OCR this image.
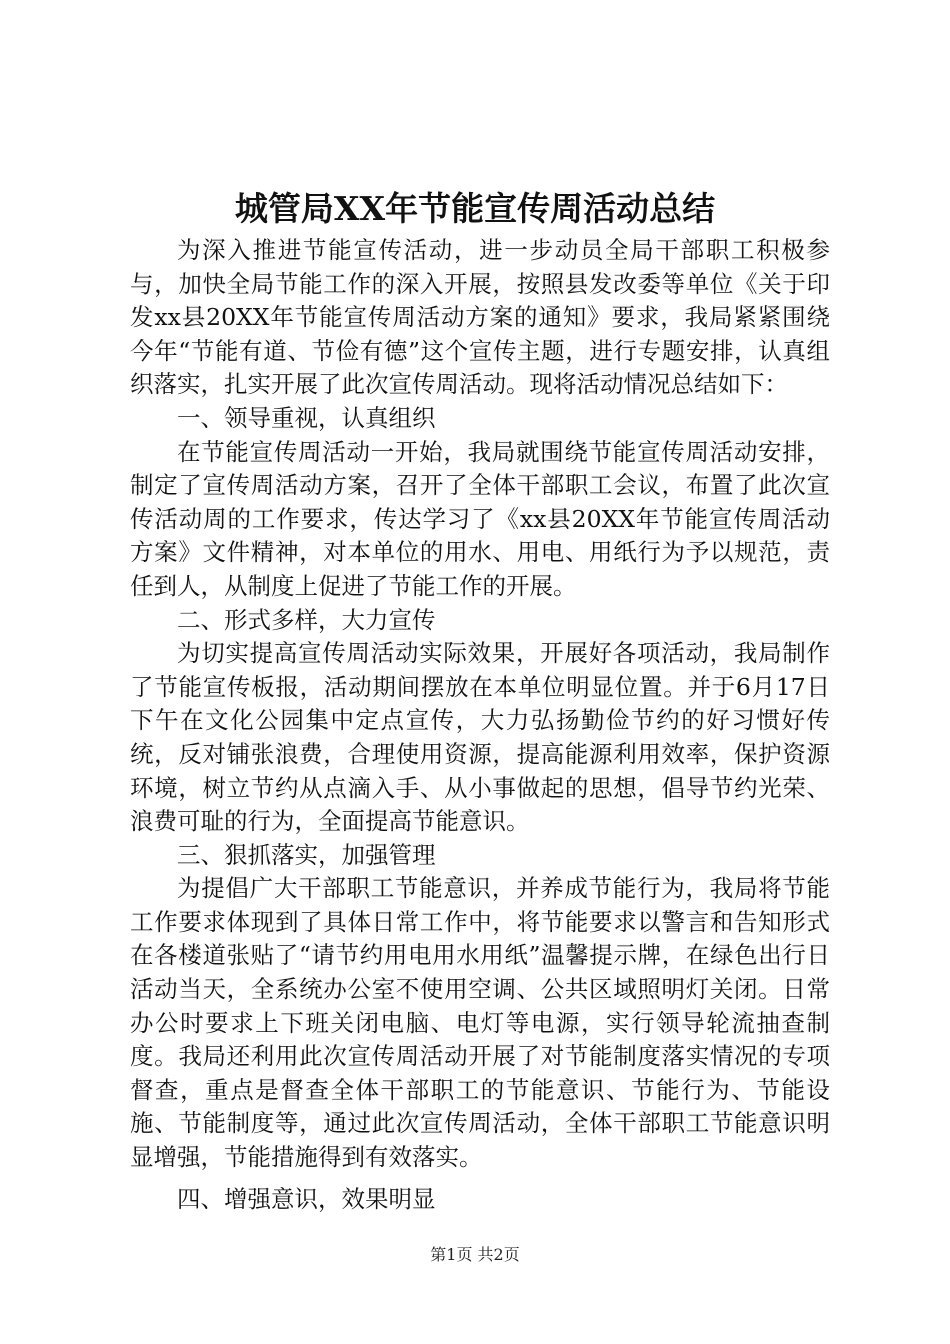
城管局XX年节能宣传周活动总结

为深入推进节能宣传活动，进一步动员全局干部职工积极参与，加快全局节能工作的深入开展，按照县发改委等单位《关于印发xx县20XX年节能宣传周活动方案的通知》要求，我局紧紧围绕今年“节能有道、节俭有德”这个宣传主题，进行专题安排，认真组织落实，扎实开展了此次宣传周活动。现将活动情况总结如下：

一、领导重视，认真组织

在节能宣传周活动一开始，我局就围绕节能宣传周活动安排，制定了宣传周活动方案，召开了全体干部职工会议，布置了此次宣传活动周的工作要求，传达学习了《xx县20XX年节能宣传周活动方案》文件精神，对本单位的用水、用电、用纸行为予以规范，责任到人，从制度上促进了节能工作的开展。

二、形式多样，大力宣传

为切实提高宣传周活动实际效果，开展好各项活动，我局制作了节能宣传板报，活动期间摆放在本单位明显位置。并于6月17日下午在文化公园集中定点宣传，大力弘扬勤俭节约的好习惯好传统，反对铺张浪费，合理使用资源，提高能源利用效率，保护资源环境，树立节约从点滴入手、从小事做起的思想，倡导节约光荣、浪费可耻的行为，全面提高节能意识。

三、狠抓落实，加强管理

为提倡广大干部职工节能意识，并养成节能行为，我局将节能工作要求体现到了具体日常工作中，将节能要求以警言和告知形式在各楼道张贴了“请节约用电用水用纸”温馨提示牌，在绿色出行日活动当天，全系统办公室不使用空调、公共区域照明灯关闭。日常办公时要求上下班关闭电脑、电灯等电源，实行领导轮流抽查制度。我局还利用此次宣传周活动开展了对节能制度落实情况的专项督查，重点是督查全体干部职工的节能意识、节能行为、节能设施、节能制度等，通过此次宣传周活动，全体干部职工节能意识明显增强，节能措施得到有效落实。

四、增强意识，效果明显

第1页 共2页
